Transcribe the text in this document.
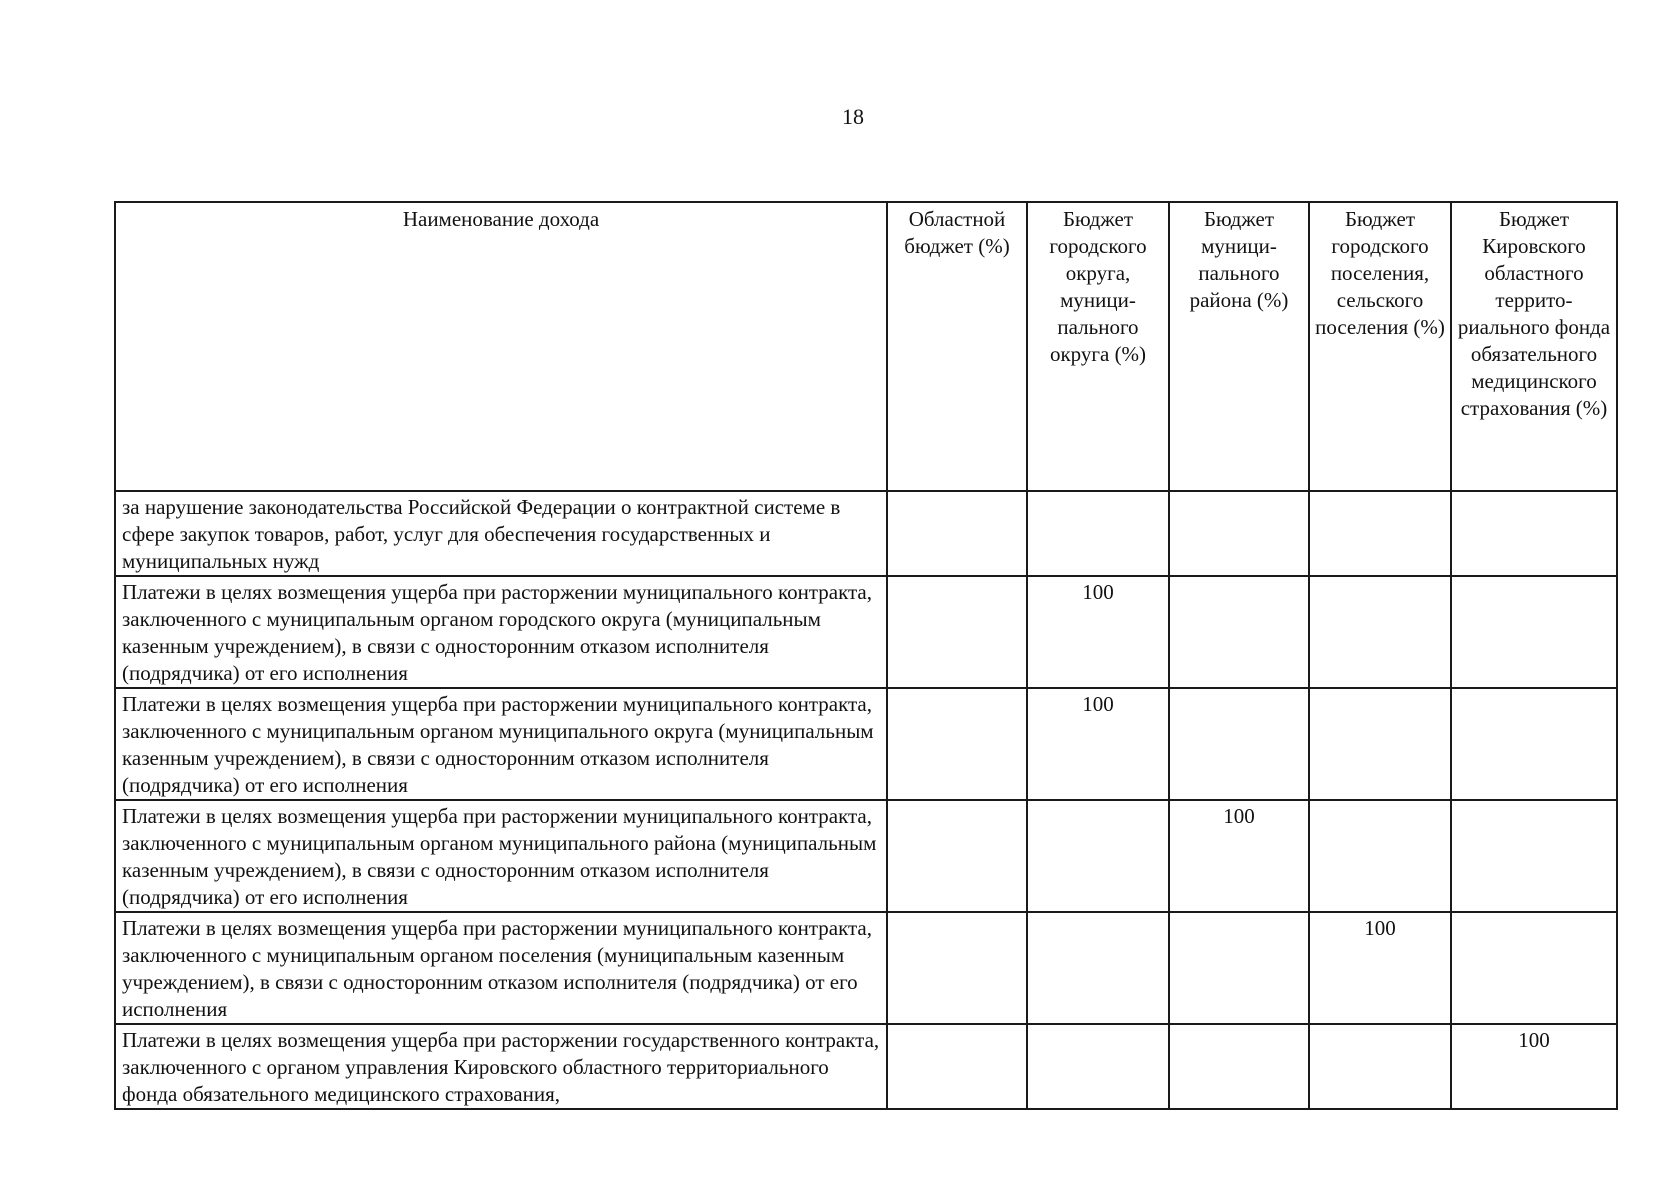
18
Наименование дохода	Областной бюджет (%)	Бюджет городского округа, муници-пального округа (%)	Бюджет муници-пального района (%)	Бюджет городского поселения, сельского поселения (%)	Бюджет Кировского областного террито-риального фонда обязательного медицинского страхования (%)
за нарушение законодательства Российской Федерации о контрактной системе в сфере закупок товаров, работ, услуг для обеспечения государственных и муниципальных нужд					
Платежи в целях возмещения ущерба при расторжении муниципального контракта, заключенного с муниципальным органом городского округа (муниципальным казенным учреждением), в связи с односторонним отказом исполнителя (подрядчика) от его исполнения		100			
Платежи в целях возмещения ущерба при расторжении муниципального контракта, заключенного с муниципальным органом муниципального округа (муниципальным казенным учреждением), в связи с односторонним отказом исполнителя (подрядчика) от его исполнения		100			
Платежи в целях возмещения ущерба при расторжении муниципального контракта, заключенного с муниципальным органом муниципального района (муниципальным казенным учреждением), в связи с односторонним отказом исполнителя (подрядчика) от его исполнения			100		
Платежи в целях возмещения ущерба при расторжении муниципального контракта, заключенного с муниципальным органом поселения (муниципальным казенным учреждением), в связи с односторонним отказом исполнителя (подрядчика) от его исполнения				100	
Платежи в целях возмещения ущерба при расторжении государственного контракта, заключенного с органом управления Кировского областного территориального фонда обязательного медицинского страхования,					100
